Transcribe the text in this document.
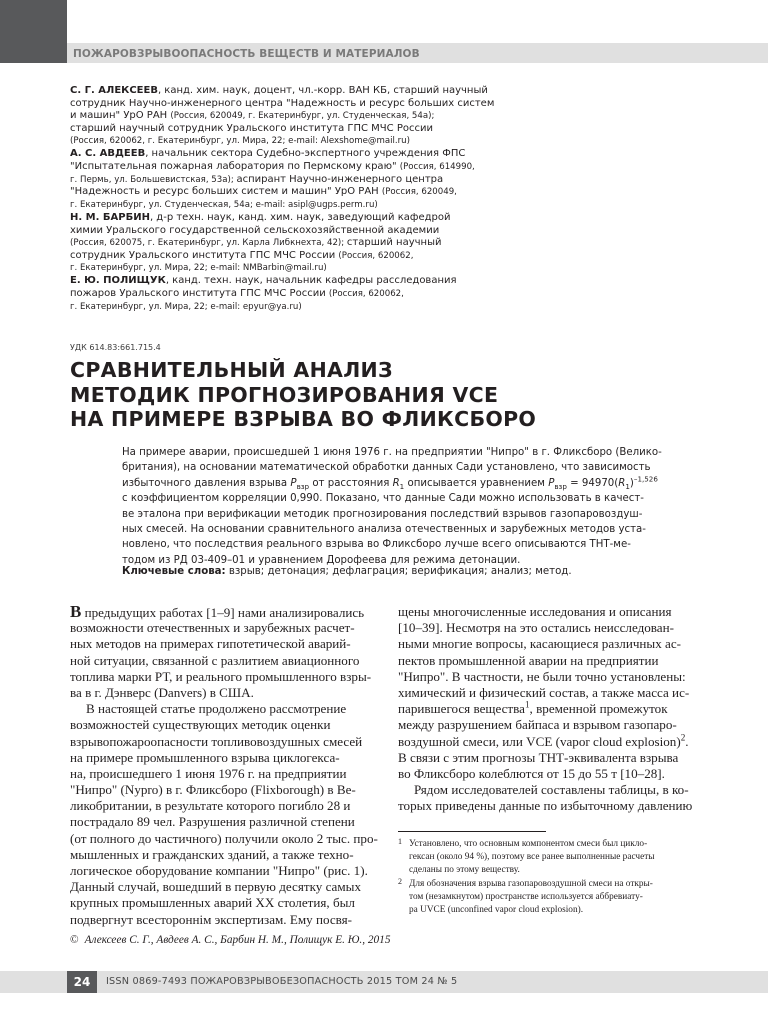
ПОЖАРОВЗРЫВООПАСНОСТЬ ВЕЩЕСТВ И МАТЕРИАЛОВ

С. Г. АЛЕКСЕЕВ, канд. хим. наук, доцент, чл.-корр. ВАН КБ, старший научный
сотрудник Научно-инженерного центра "Надежность и ресурс больших систем
и машин" УрО РАН (Россия, 620049, г. Екатеринбург, ул. Студенческая, 54а);
старший научный сотрудник Уральского института ГПС МЧС России
(Россия, 620062, г. Екатеринбург, ул. Мира, 22; e-mail: Alexshome@mail.ru)

А. С. АВДЕЕВ, начальник сектора Судебно-экспертного учреждения ФПС
"Испытательная пожарная лаборатория по Пермскому краю" (Россия, 614990,
г. Пермь, ул. Большевистская, 53а); аспирант Научно-инженерного центра
"Надежность и ресурс больших систем и машин" УрО РАН (Россия, 620049,
г. Екатеринбург, ул. Студенческая, 54а; e-mail: asipl@ugps.perm.ru)

Н. М. БАРБИН, д-р техн. наук, канд. хим. наук, заведующий кафедрой
химии Уральского государственной сельскохозяйственной академии
(Россия, 620075, г. Екатеринбург, ул. Карла Либкнехта, 42); старший научный
сотрудник Уральского института ГПС МЧС России (Россия, 620062,
г. Екатеринбург, ул. Мира, 22; e-mail: NMBarbin@mail.ru)

Е. Ю. ПОЛИЩУК, канд. техн. наук, начальник кафедры расследования
пожаров Уральского института ГПС МЧС России (Россия, 620062,
г. Екатеринбург, ул. Мира, 22; e-mail: epyur@ya.ru)

УДК 614.83:661.715.4
СРАВНИТЕЛЬНЫЙ АНАЛИЗ
МЕТОДИК ПРОГНОЗИРОВАНИЯ VCE
НА ПРИМЕРЕ ВЗРЫВА ВО ФЛИКСБОРО
На примере аварии, происшедшей 1 июня 1976 г. на предприятии "Нипро" в г. Фликсборо (Велико-
британия), на основании математической обработки данных Сади установлено, что зависимость
избыточного давления взрыва $P_{взр}$ от расстояния $R_1$ описывается уравнением $P_{взр} = 94970(R_1)^{-1,526}$
с коэффициентом корреляции 0,990. Показано, что данные Сади можно использовать в качест-
ве эталона при верификации методик прогнозирования последствий взрывов газопаровоздуш-
ных смесей. На основании сравнительного анализа отечественных и зарубежных методов уста-
новлено, что последствия реального взрыва во Фликсборо лучше всего описываются ТНТ-ме-
тодом из РД 03-409–01 и уравнением Дорофеева для режима детонации.
Ключевые слова: взрыв; детонация; дефлаграция; верификация; анализ; метод.
В предыдущих работах [1–9] нами анализировались
возможности отечественных и зарубежных расчет-
ных методов на примерах гипотетической аварий-
ной ситуации, связанной с разлитием авиационного
топлива марки РТ, и реального промышленного взры-
ва в г. Дэнверс (Danvers) в США.
В настоящей статье продолжено рассмотрение
возможностей существующих методик оценки
взрывопожароопасности топливовоздушных смесей
на примере промышленного взрыва циклогекса-
на, происшедшего 1 июня 1976 г. на предприятии
"Нипро" (Nypro) в г. Фликсборо (Flixborough) в Ве-
ликобритании, в результате которого погибло 28 и
пострадало 89 чел. Разрушения различной степени
(от полного до частичного) получили около 2 тыс. про-
мышленных и гражданских зданий, а также техно-
логическое оборудование компании "Нипро" (рис. 1).
Данный случай, вошедший в первую десятку самых
крупных промышленных аварий ХХ столетия, был
подвергнут всестороннім экспертизам. Ему посвя-
щены многочисленные исследования и описания
[10–39]. Несмотря на это остались неисследован-
ными многие вопросы, касающиеся различных ас-
пектов промышленной аварии на предприятии
"Нипро". В частности, не были точно установлены:
химический и физический состав, а также масса ис-
парившегося вещества$^1$, временной промежуток
между разрушением байпаса и взрывом газопаро-
воздушной смеси, или VCE (vapor cloud explosion)$^2$.
В связи с этим прогнозы ТНТ-эквивалента взрыва
во Фликсборо колеблются от 15 до 55 т [10–28].
Рядом исследователей составлены таблицы, в ко-
торых приведены данные по избыточному давлению
1 Установлено, что основным компонентом смеси был цикло-
гексан (около 94 %), поэтому все ранее выполненные расчеты
сделаны по этому веществу.
2 Для обозначения взрыва газопаровоздушной смеси на откры-
том (незамкнутом) пространстве используется аббревиату-
ра UVCE (unconfined vapor cloud explosion).
© Алексеев С. Г., Авдеев А. С., Барбин Н. М., Полищук Е. Ю., 2015
24	ISSN 0869-7493 ПОЖАРОВЗРЫВОБЕЗОПАСНОСТЬ 2015 ТОМ 24 № 5
